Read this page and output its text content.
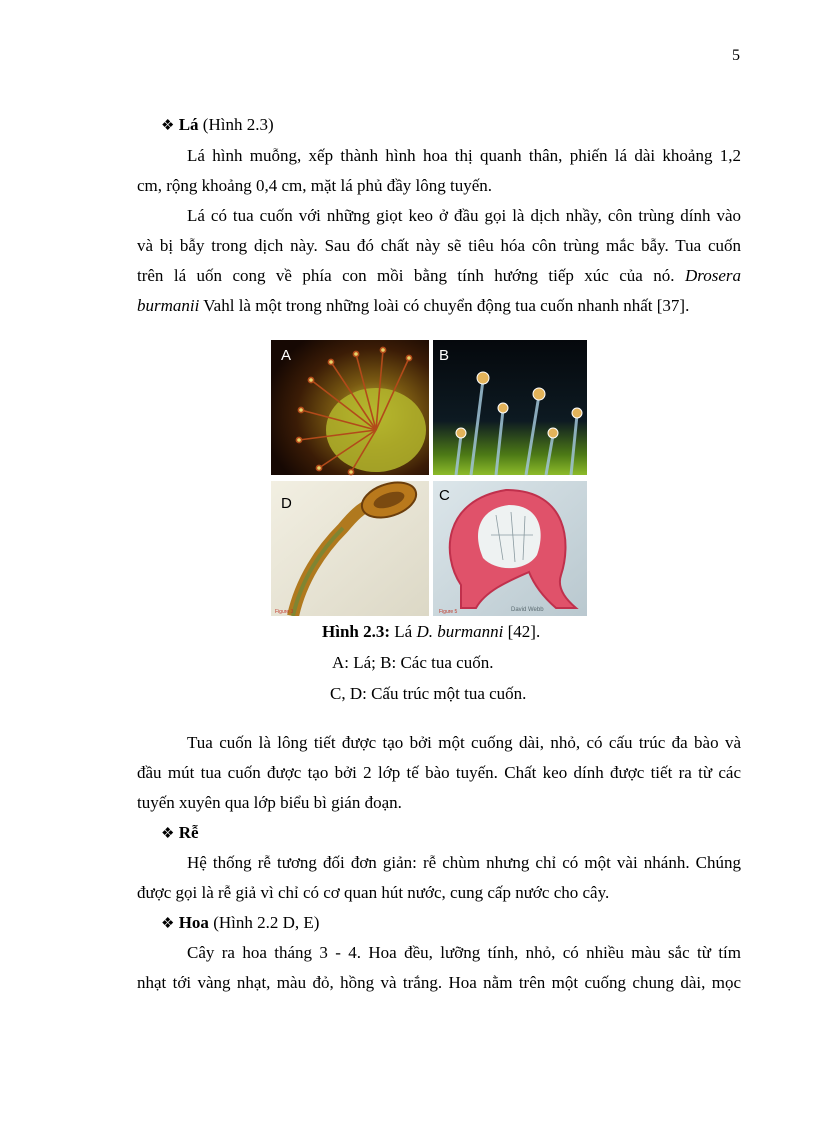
5
❖ Lá (Hình 2.3)
Lá hình muỗng, xếp thành hình hoa thị quanh thân, phiến lá dài khoảng 1,2
cm, rộng khoảng 0,4 cm, mặt lá phủ đầy lông tuyến.
Lá có tua cuốn với những giọt keo ở đầu gọi là dịch nhầy, côn trùng dính vào
và bị bẫy trong dịch này. Sau đó chất này sẽ tiêu hóa côn trùng mắc bẫy. Tua cuốn
trên lá uốn cong về phía con mồi bằng tính hướng tiếp xúc của nó. Drosera
burmanii Vahl là một trong những loài có chuyển động tua cuốn nhanh nhất [37].
A	B
D
Figure 3
C
Figure 5	David Webb
Hình 2.3: Lá D. burmanni [42].
A: Lá; B: Các tua cuốn.
C, D: Cấu trúc một tua cuốn.
Tua cuốn là lông tiết được tạo bởi một cuống dài, nhỏ, có cấu trúc đa bào và
đầu mút tua cuốn được tạo bởi 2 lớp tế bào tuyến. Chất keo dính được tiết ra từ các
tuyến xuyên qua lớp biểu bì gián đoạn.
❖ Rễ
Hệ thống rễ tương đối đơn giản: rễ chùm nhưng chỉ có một vài nhánh. Chúng
được gọi là rễ giả vì chỉ có cơ quan hút nước, cung cấp nước cho cây.
❖ Hoa (Hình 2.2 D, E)
Cây ra hoa tháng 3 - 4. Hoa đều, lưỡng tính, nhỏ, có nhiều màu sắc từ tím
nhạt tới vàng nhạt, màu đỏ, hồng và trắng. Hoa nằm trên một cuống chung dài, mọc
